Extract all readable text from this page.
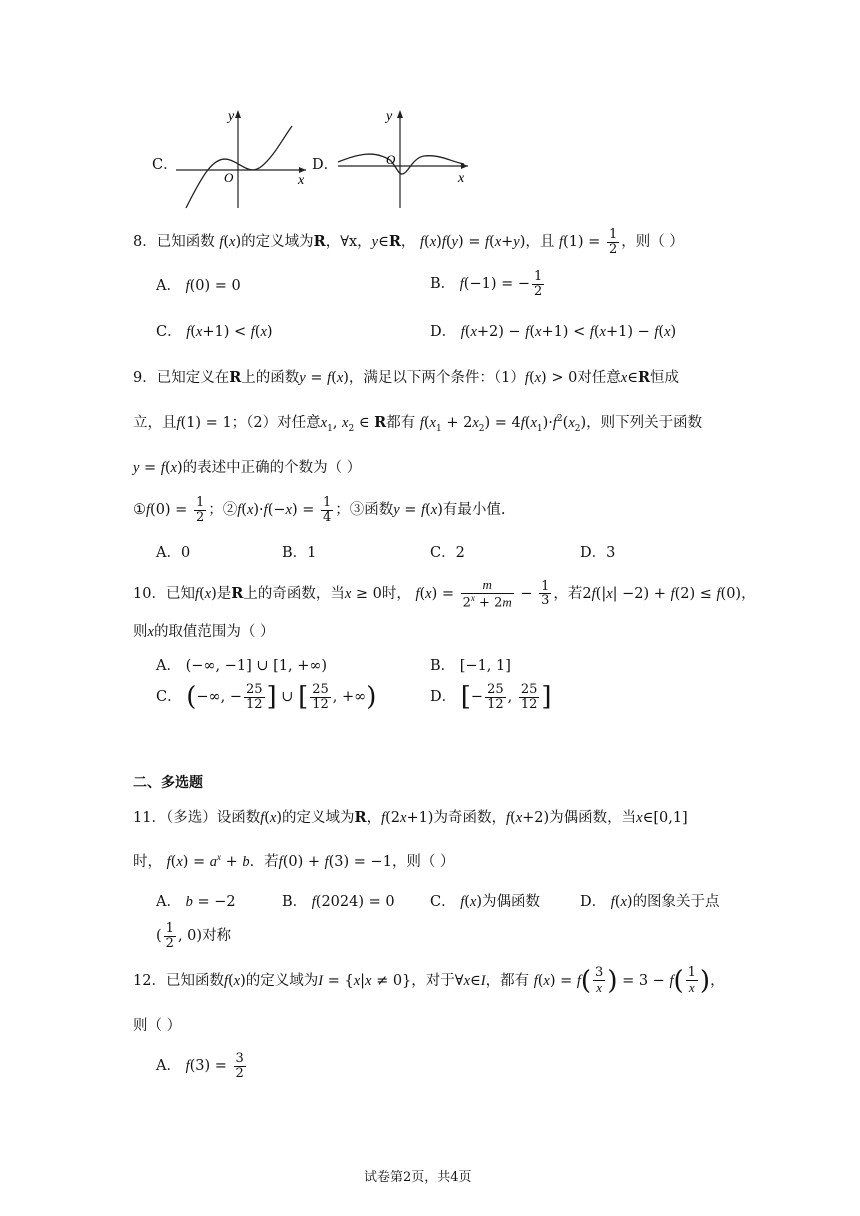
C．
y
x
O
D．
y
x
O
8．已知函数 f(x)的定义域为R，∀x，y∈R， f(x)f(y) = f(x+y)，且 $f(1) = \frac{1}{2}$ ，则（ ）
A． f(0) = 0	B． f(−1) = − $\frac{1}{2}$
C． f(x+1) < f(x)	D． f(x+2) − f(x+1) < f(x+1) − f(x)
9．已知定义在R上的函数y = f(x)，满足以下两个条件：（1）f(x) > 0对任意x∈R恒成
立，且f(1) = 1；（2）对任意$x_1$, $x_2$ ∈ R都有 $f(x_1 + 2x_2) = 4f(x_1)\cdot f^2(x_2)$，则下列关于函数
y = f(x)的表述中正确的个数为（ ）
①f(0) = $\frac{1}{2}$ ；②f(x)·f(−x) = $\frac{1}{4}$ ；③函数y = f(x)有最小值.
A．0	B．1	C．2	D．3
10．已知f(x)是R上的奇函数，当x ≥ 0时， $f(x) = \frac{m}{2^x + 2m} - \frac{1}{3}$ ，若2f(|x| −2) + f(2) ≤ f(0)，
则x的取值范围为（ ）
A． (−∞, −1] ∪ [1, +∞)	B． [−1, 1]
C． (−∞, − $\frac{25}{12}$ ] ∪ [ $\frac{25}{12}$ , +∞)	D． [− $\frac{25}{12}$ , $\frac{25}{12}$ ]
二、多选题
11．（多选）设函数f(x)的定义域为R，f(2x+1)为奇函数，f(x+2)为偶函数，当x∈[0,1]
时， $f(x) = a^x + b$．若f(0) + f(3) = −1，则（ ）
A． b = −2	B． f(2024) = 0 C． f(x)为偶函数	D． f(x)的图象关于点
( $\frac{1}{2}$ , 0)对称
12．已知函数f(x)的定义域为I = {x|x ≠ 0}，对于∀x∈I，都有 $f(x) = f( \frac{3}{x}$ ) = $3 - f( \frac{1}{x}$ )，
则（ ）
A． $f(3) = \frac{3}{2}$
试卷第2页，共4页
